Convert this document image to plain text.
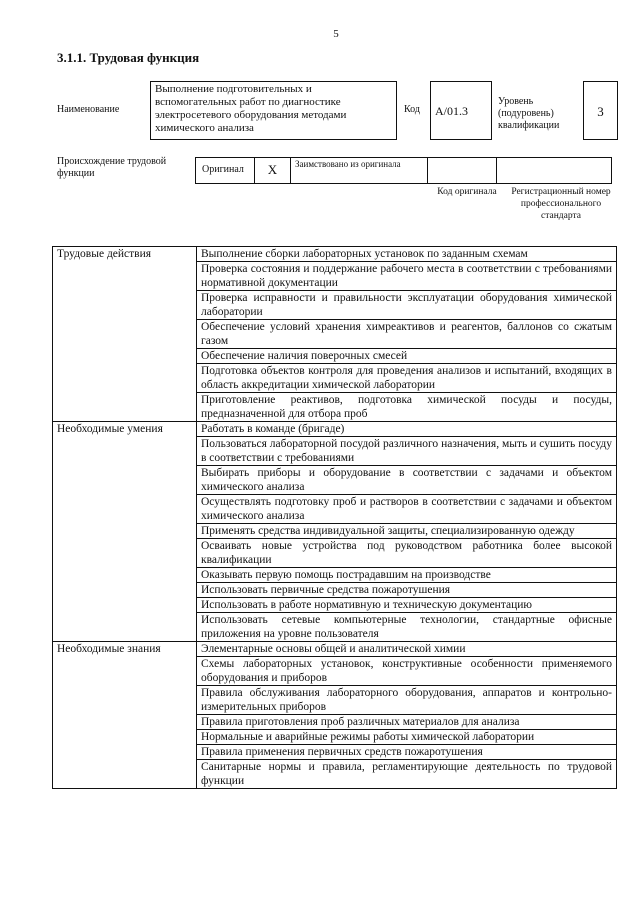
5
3.1.1. Трудовая функция
Наименование
Выполнение подготовительных и вспомогательных работ по диагностике электросетевого оборудования методами химического анализа
Код	A/01.3
Уровень (подуровень) квалификации
3
Происхождение трудовой функции	Оригинал	X	Заимствовано из оригинала
Код оригинала	Регистрационный номер профессионального стандарта
Трудовые действия	Выполнение сборки лабораторных установок по заданным схемам
	Проверка состояния и поддержание рабочего места в соответствии с требованиями нормативной документации
	Проверка исправности и правильности эксплуатации оборудования химической лаборатории
	Обеспечение условий хранения химреактивов и реагентов, баллонов со сжатым газом
	Обеспечение наличия поверочных смесей
	Подготовка объектов контроля для проведения анализов и испытаний, входящих в область аккредитации химической лаборатории
	Приготовление реактивов, подготовка химической посуды и посуды, предназначенной для отбора проб
Необходимые умения	Работать в команде (бригаде)
	Пользоваться лабораторной посудой различного назначения, мыть и сушить посуду в соответствии с требованиями
	Выбирать приборы и оборудование в соответствии с задачами и объектом химического анализа
	Осуществлять подготовку проб и растворов в соответствии с задачами и объектом химического анализа
	Применять средства индивидуальной защиты, специализированную одежду
	Осваивать новые устройства под руководством работника более высокой квалификации
	Оказывать первую помощь пострадавшим на производстве
	Использовать первичные средства пожаротушения
	Использовать в работе нормативную и техническую документацию
	Использовать сетевые компьютерные технологии, стандартные офисные приложения на уровне пользователя
Необходимые знания	Элементарные основы общей и аналитической химии
	Схемы лабораторных установок, конструктивные особенности применяемого оборудования и приборов
	Правила обслуживания лабораторного оборудования, аппаратов и контрольно-измерительных приборов
	Правила приготовления проб различных материалов для анализа
	Нормальные и аварийные режимы работы химической лаборатории
	Правила применения первичных средств пожаротушения
	Санитарные нормы и правила, регламентирующие деятельность по трудовой функции
